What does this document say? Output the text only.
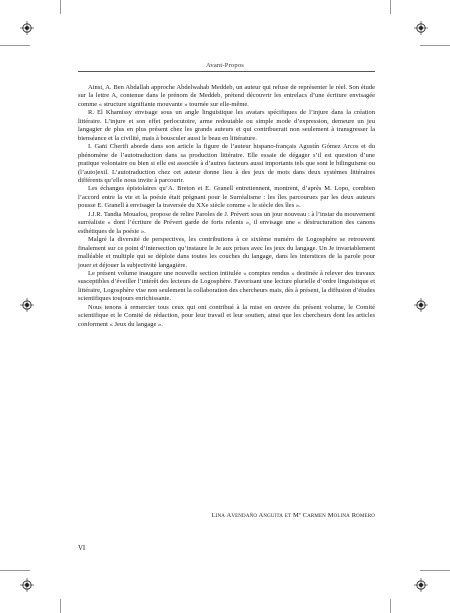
Avant-Propos

Ainsi, A. Ben Abdallah approche Abdelwahab Meddeb, un auteur qui refuse de représenter le réel. Son étude sur la lettre A, contenue dans le prénom de Meddeb, prétend découvrir les entrelacs d’une écriture envisagée comme « structure signifiante mouvante » tournée sur elle-même.

R. El Khamissy envisage sous un angle linguistique les avatars spécifiques de l’injure dans la création littéraire. L’injure et son effet perlocutoire, arme redoutable ou simple mode d’expression, demeure un jeu langagier de plus en plus présent chez les grands auteurs et qui contribuerait non seulement à transgresser la bienséance et la civilité, mais à bousculer aussi le beau en littérature.

I. Gaṅi Cherifi aborde dans son article la figure de l’auteur hispano-français Agustín Gómez Arcos et du phénomène de l’autotraduction dans sa production littéraire. Elle essaie de dégager s’il est question d’une pratique volontaire ou bien si elle est associée à d’autres facteurs aussi importants tels que sont le bilinguisme ou (l’auto)exil. L’autotraduction chez cet auteur donne lieu à des jeux de mots dans deux systèmes littéraires différents qu’elle nous invite à parcourir.

Les échanges épistolaires qu’A. Breton et E. Granell entretiennent, montrent, d’après M. Lopo, combien l’accord entre la vie et la poésie était prégnant pour le Surréalisme : les îles parcourues par les deux auteurs pousse E. Granell à envisager la traversée du XXe siècle comme « le siècle des îles ».

J.J.R. Tandia Mouafou, propose de relire Paroles de J. Prévert sous un jour nouveau : à l’instar du mouvement surréaliste « dont l’écriture de Prévert garde de forts relents », il envisage une « déstructuration des canons esthétiques de la poésie ».

Malgré la diversité de perspectives, les contributions à ce sixième numéro de Logosphère se retrouvent finalement sur ce point d’intersection qu’instaure le Je aux prises avec les jeux du langage. Un Je invariablement malléable et multiple qui se déploie dans toutes les couches du langage, dans les interstices de la parole pour jouer et déjouer la subjectivité langagière.

Le présent volume inaugure une nouvelle section intitulée « comptes rendus » destinée à relever des travaux susceptibles d’éveiller l’intérêt des lecteurs de Logosphère. Favorisant une lecture plurielle d’ordre linguistique et littéraire, Logosphère vise non seulement la collaboration des chercheurs mais, dès à présent, la diffusion d’études scientifiques toujours enrichissante.

Nous tenons à remercier tous ceux qui ont contribué à la mise en œuvre du présent volume, le Comité scientifique et le Comité de rédaction, pour leur travail et leur soutien, ainsi que les chercheurs dont les articles conforment « Jeux du langage ».

Lina Avendaño Anguita et Mª Carmen Molina Romero
VI
